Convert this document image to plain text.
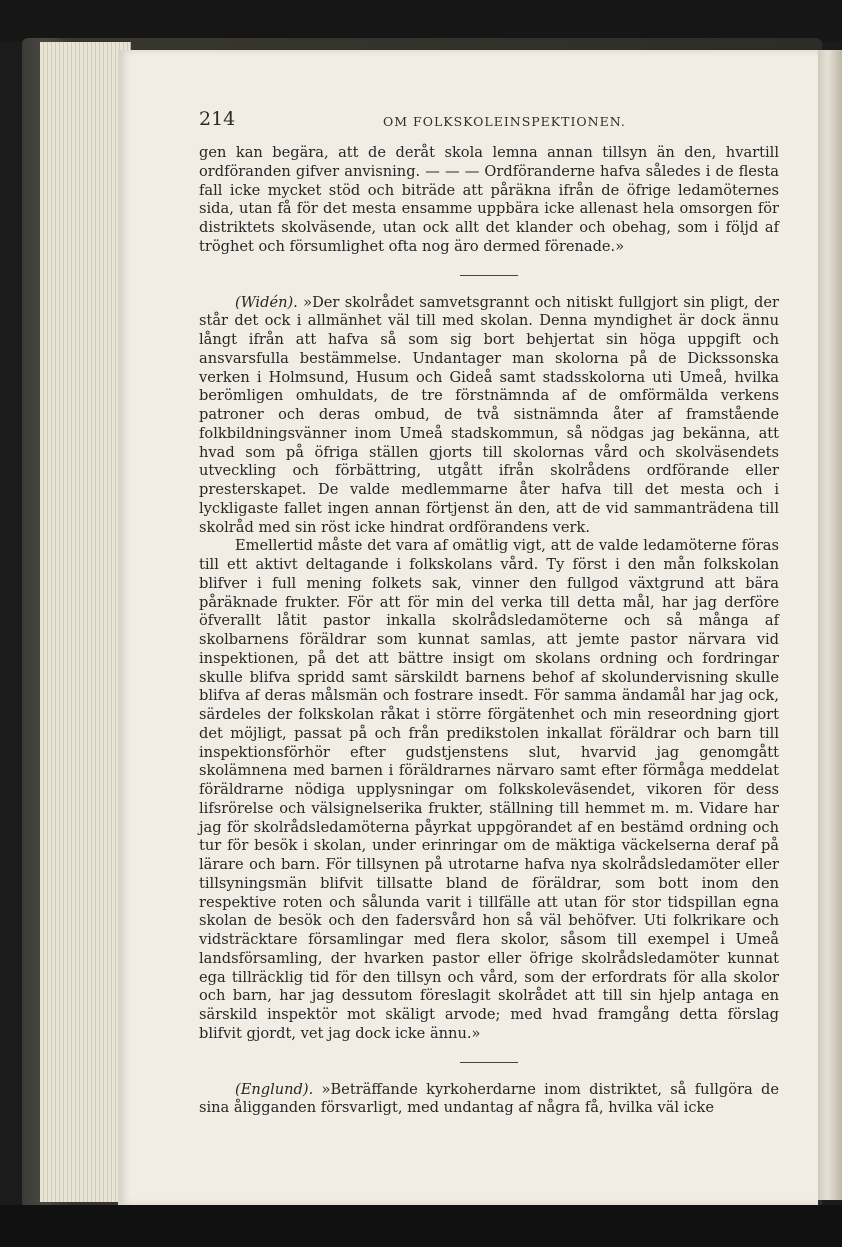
214	OM FOLKSKOLEINSPEKTIONEN.

gen kan begära, att de deråt skola lemna annan tillsyn än den, hvartill ordföranden gifver anvisning. — — — Ordföranderne hafva således i de flesta fall icke mycket stöd och biträde att påräkna ifrån de öfrige ledamöternes sida, utan få för det mesta ensamme uppbära icke allenast hela omsorgen för distriktets skolväsende, utan ock allt det klander och obehag, som i följd af tröghet och försumlighet ofta nog äro dermed förenade.»

(Widén). »Der skolrådet samvetsgrannt och nitiskt fullgjort sin pligt, der står det ock i allmänhet väl till med skolan. Denna myndighet är dock ännu långt ifrån att hafva så som sig bort behjertat sin höga uppgift och ansvarsfulla bestämmelse. Undantager man skolorna på de Dickssonska verken i Holmsund, Husum och Gideå samt stadsskolorna uti Umeå, hvilka berömligen omhuldats, de tre förstnämnda af de omförmälda verkens patroner och deras ombud, de två sistnämnda åter af framstående folkbildningsvänner inom Umeå stadskommun, så nödgas jag bekänna, att hvad som på öfriga ställen gjorts till skolornas vård och skolväsendets utveckling och förbättring, utgått ifrån skolrådens ordförande eller presterskapet. De valde medlemmarne åter hafva till det mesta och i lyckligaste fallet ingen annan förtjenst än den, att de vid sammanträdena till skolråd med sin röst icke hindrat ordförandens verk.

Emellertid måste det vara af omätlig vigt, att de valde ledamöterne föras till ett aktivt deltagande i folkskolans vård. Ty först i den mån folkskolan blifver i full mening folkets sak, vinner den fullgod växtgrund att bära påräknade frukter. För att för min del verka till detta mål, har jag derföre öfverallt låtit pastor inkalla skolrådsledamöterne och så många af skolbarnens föräldrar som kunnat samlas, att jemte pastor närvara vid inspektionen, på det att bättre insigt om skolans ordning och fordringar skulle blifva spridd samt särskildt barnens behof af skolundervisning skulle blifva af deras målsmän och fostrare insedt. För samma ändamål har jag ock, särdeles der folkskolan råkat i större förgätenhet och min reseordning gjort det möjligt, passat på och från predikstolen inkallat föräldrar och barn till inspektionsförhör efter gudstjenstens slut, hvarvid jag genomgått skolämnena med barnen i föräldrarnes närvaro samt efter förmåga meddelat föräldrarne nödiga upplysningar om folkskoleväsendet, vikoren för dess lifsrörelse och välsignelserika frukter, ställning till hemmet m. m. Vidare har jag för skolrådsledamöterna påyrkat uppgörandet af en bestämd ordning och tur för besök i skolan, under erinringar om de mäktiga väckelserna deraf på lärare och barn. För tillsynen på utrotarne hafva nya skolrådsledamöter eller tillsyningsmän blifvit tillsatte bland de föräldrar, som bott inom den respektive roten och sålunda varit i tillfälle att utan för stor tidspillan egna skolan de besök och den fadersvård hon så väl behöfver. Uti folkrikare och vidsträcktare församlingar med flera skolor, såsom till exempel i Umeå landsförsamling, der hvarken pastor eller öfrige skolrådsledamöter kunnat ega tillräcklig tid för den tillsyn och vård, som der erfordrats för alla skolor och barn, har jag dessutom föreslagit skolrådet att till sin hjelp antaga en särskild inspektör mot skäligt arvode; med hvad framgång detta förslag blifvit gjordt, vet jag dock icke ännu.»

(Englund). »Beträffande kyrkoherdarne inom distriktet, så fullgöra de sina åligganden försvarligt, med undantag af några få, hvilka väl icke
